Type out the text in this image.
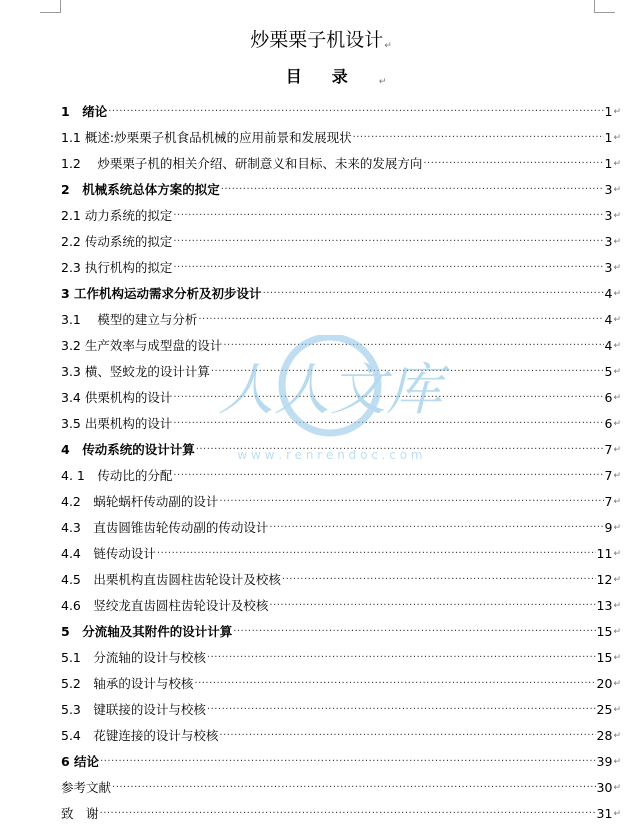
炒栗栗子机设计↵
目录↵
1　绪论 ·····	1 ↵
1.1 概述:炒栗栗子机食品机械的应用前景和发展现状 ·····	1 ↵
1.2　 炒栗栗子机的相关介绍、研制意义和目标、未来的发展方向 ·····	1 ↵
2　机械系统总体方案的拟定 ·····	3 ↵
2.1 动力系统的拟定 ·····	3 ↵
2.2 传动系统的拟定 ·····	3 ↵
2.3 执行机构的拟定 ·····	3 ↵
3 工作机构运动需求分析及初步设计 ·····	4 ↵
3.1　 模型的建立与分析 ·····	4 ↵
3.2 生产效率与成型盘的设计 ·····	4 ↵
3.3 横、竖蛟龙的设计计算 ·····	5 ↵
3.4 供栗机构的设计 ·····	6 ↵
3.5 出栗机构的设计 ·····	6 ↵
4　传动系统的设计计算 ·····	7 ↵
4. 1　传动比的分配 ·····	7 ↵
4.2　蜗轮蜗杆传动副的设计 ·····	7 ↵
4.3　直齿圆锥齿轮传动副的传动设计 ·····	9 ↵
4.4　链传动设计 ·····	11 ↵
4.5　出栗机构直齿圆柱齿轮设计及校核 ·····	12 ↵
4.6　竖绞龙直齿圆柱齿轮设计及校核 ·····	13 ↵
5　分流轴及其附件的设计计算 ·····	15 ↵
5.1　分流轴的设计与校核 ·····	15 ↵
5.2　轴承的设计与校核 ·····	20 ↵
5.3　键联接的设计与校核 ·····	25 ↵
5.4　花键连接的设计与校核 ·····	28 ↵
6 结论 ·····	39 ↵
参考文献 ·····	30 ↵
致　谢 ·····	31 ↵
人人文库
w w w . r e n r e n d o c . c o m
